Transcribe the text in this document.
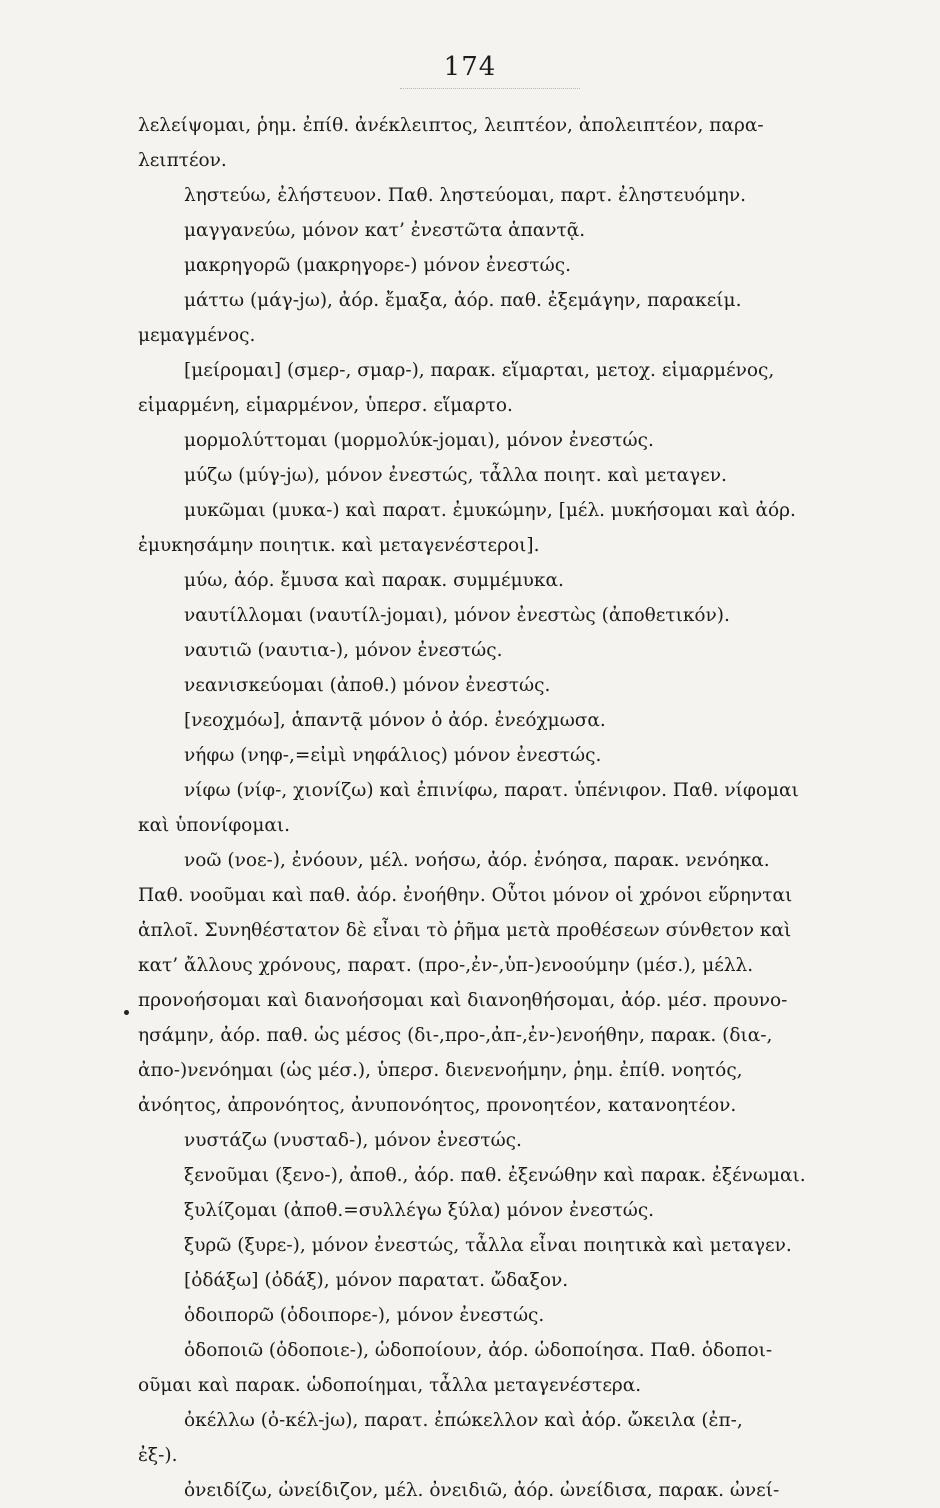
174
λελείψομαι, ῥημ. ἐπίθ. ἀνέκλειπτος, λειπτέον, ἀπολειπτέον, παρα-
λειπτέον.
ληστεύω, ἐλήστευον. Παθ. ληστεύομαι, παρτ. ἐληστευόμην.
μαγγανεύω, μόνον κατ’ ἐνεστῶτα ἁπαντᾷ.
μακρηγορῶ (μακρηγορε-) μόνον ἐνεστώς.
μάττω (μάγ-jω), ἀόρ. ἔμαξα, ἀόρ. παθ. ἐξεμάγην, παρακείμ.
μεμαγμένος.
[μείρομαι] (σμερ-, σμαρ-), παρακ. εἵμαρται, μετοχ. εἱμαρμένος,
εἱμαρμένη, εἱμαρμένον, ὑπερσ. εἵμαρτο.
μορμολύττομαι (μορμολύκ-jομαι), μόνον ἐνεστώς.
μύζω (μύγ-jω), μόνον ἐνεστώς, τἆλλα ποιητ. καὶ μεταγεν.
μυκῶμαι (μυκα-) καὶ παρατ. ἐμυκώμην, [μέλ. μυκήσομαι καὶ ἀόρ.
ἐμυκησάμην ποιητικ. καὶ μεταγενέστεροι].
μύω, ἀόρ. ἔμυσα καὶ παρακ. συμμέμυκα.
ναυτίλλομαι (ναυτίλ-jομαι), μόνον ἐνεστὼς (ἀποθετικόν).
ναυτιῶ (ναυτια-), μόνον ἐνεστώς.
νεανισκεύομαι (ἀποθ.) μόνον ἐνεστώς.
[νεοχμόω], ἁπαντᾷ μόνον ὁ ἀόρ. ἐνεόχμωσα.
νήφω (νηφ-,=εἰμὶ νηφάλιος) μόνον ἐνεστώς.
νίφω (νίφ-, χιονίζω) καὶ ἐπινίφω, παρατ. ὑπένιφον. Παθ. νίφομαι
καὶ ὑπονίφομαι.
νοῶ (νοε-), ἐνόουν, μέλ. νοήσω, ἀόρ. ἐνόησα, παρακ. νενόηκα.
Παθ. νοοῦμαι καὶ παθ. ἀόρ. ἐνοήθην. Οὗτοι μόνον οἱ χρόνοι εὕρηνται
ἁπλοῖ. Συνηθέστατον δὲ εἶναι τὸ ῥῆμα μετὰ προθέσεων σύνθετον καὶ
κατ’ ἄλλους χρόνους, παρατ. (προ-,ἐν-,ὑπ-)ενοούμην (μέσ.), μέλλ.
προνοήσομαι καὶ διανοήσομαι καὶ διανοηθήσομαι, ἀόρ. μέσ. προυνο-
ησάμην, ἀόρ. παθ. ὡς μέσος (δι-,προ-,ἀπ-,ἐν-)ενοήθην, παρακ. (δια-,
ἀπο-)νενόημαι (ὡς μέσ.), ὑπερσ. διενενοήμην, ῥημ. ἐπίθ. νοητός,
ἀνόητος, ἀπρονόητος, ἀνυπονόητος, προνοητέον, κατανοητέον.
νυστάζω (νυσταδ-), μόνον ἐνεστώς.
ξενοῦμαι (ξενο-), ἀποθ., ἀόρ. παθ. ἐξενώθην καὶ παρακ. ἐξένωμαι.
ξυλίζομαι (ἀποθ.=συλλέγω ξύλα) μόνον ἐνεστώς.
ξυρῶ (ξυρε-), μόνον ἐνεστώς, τἆλλα εἶναι ποιητικὰ καὶ μεταγεν.
[ὀδάξω] (ὀδάξ), μόνον παρατατ. ὤδαξον.
ὁδοιπορῶ (ὁδοιπορε-), μόνον ἐνεστώς.
ὁδοποιῶ (ὁδοποιε-), ὡδοποίουν, ἀόρ. ὡδοποίησα. Παθ. ὁδοποι-
οῦμαι καὶ παρακ. ὡδοποίημαι, τἆλλα μεταγενέστερα.
ὀκέλλω (ὀ-κέλ-jω), παρατ. ἐπώκελλον καὶ ἀόρ. ὤκειλα (ἐπ-,
ἐξ-).
ὀνειδίζω, ὠνείδιζον, μέλ. ὀνειδιῶ, ἀόρ. ὠνείδισα, παρακ. ὠνεί-
